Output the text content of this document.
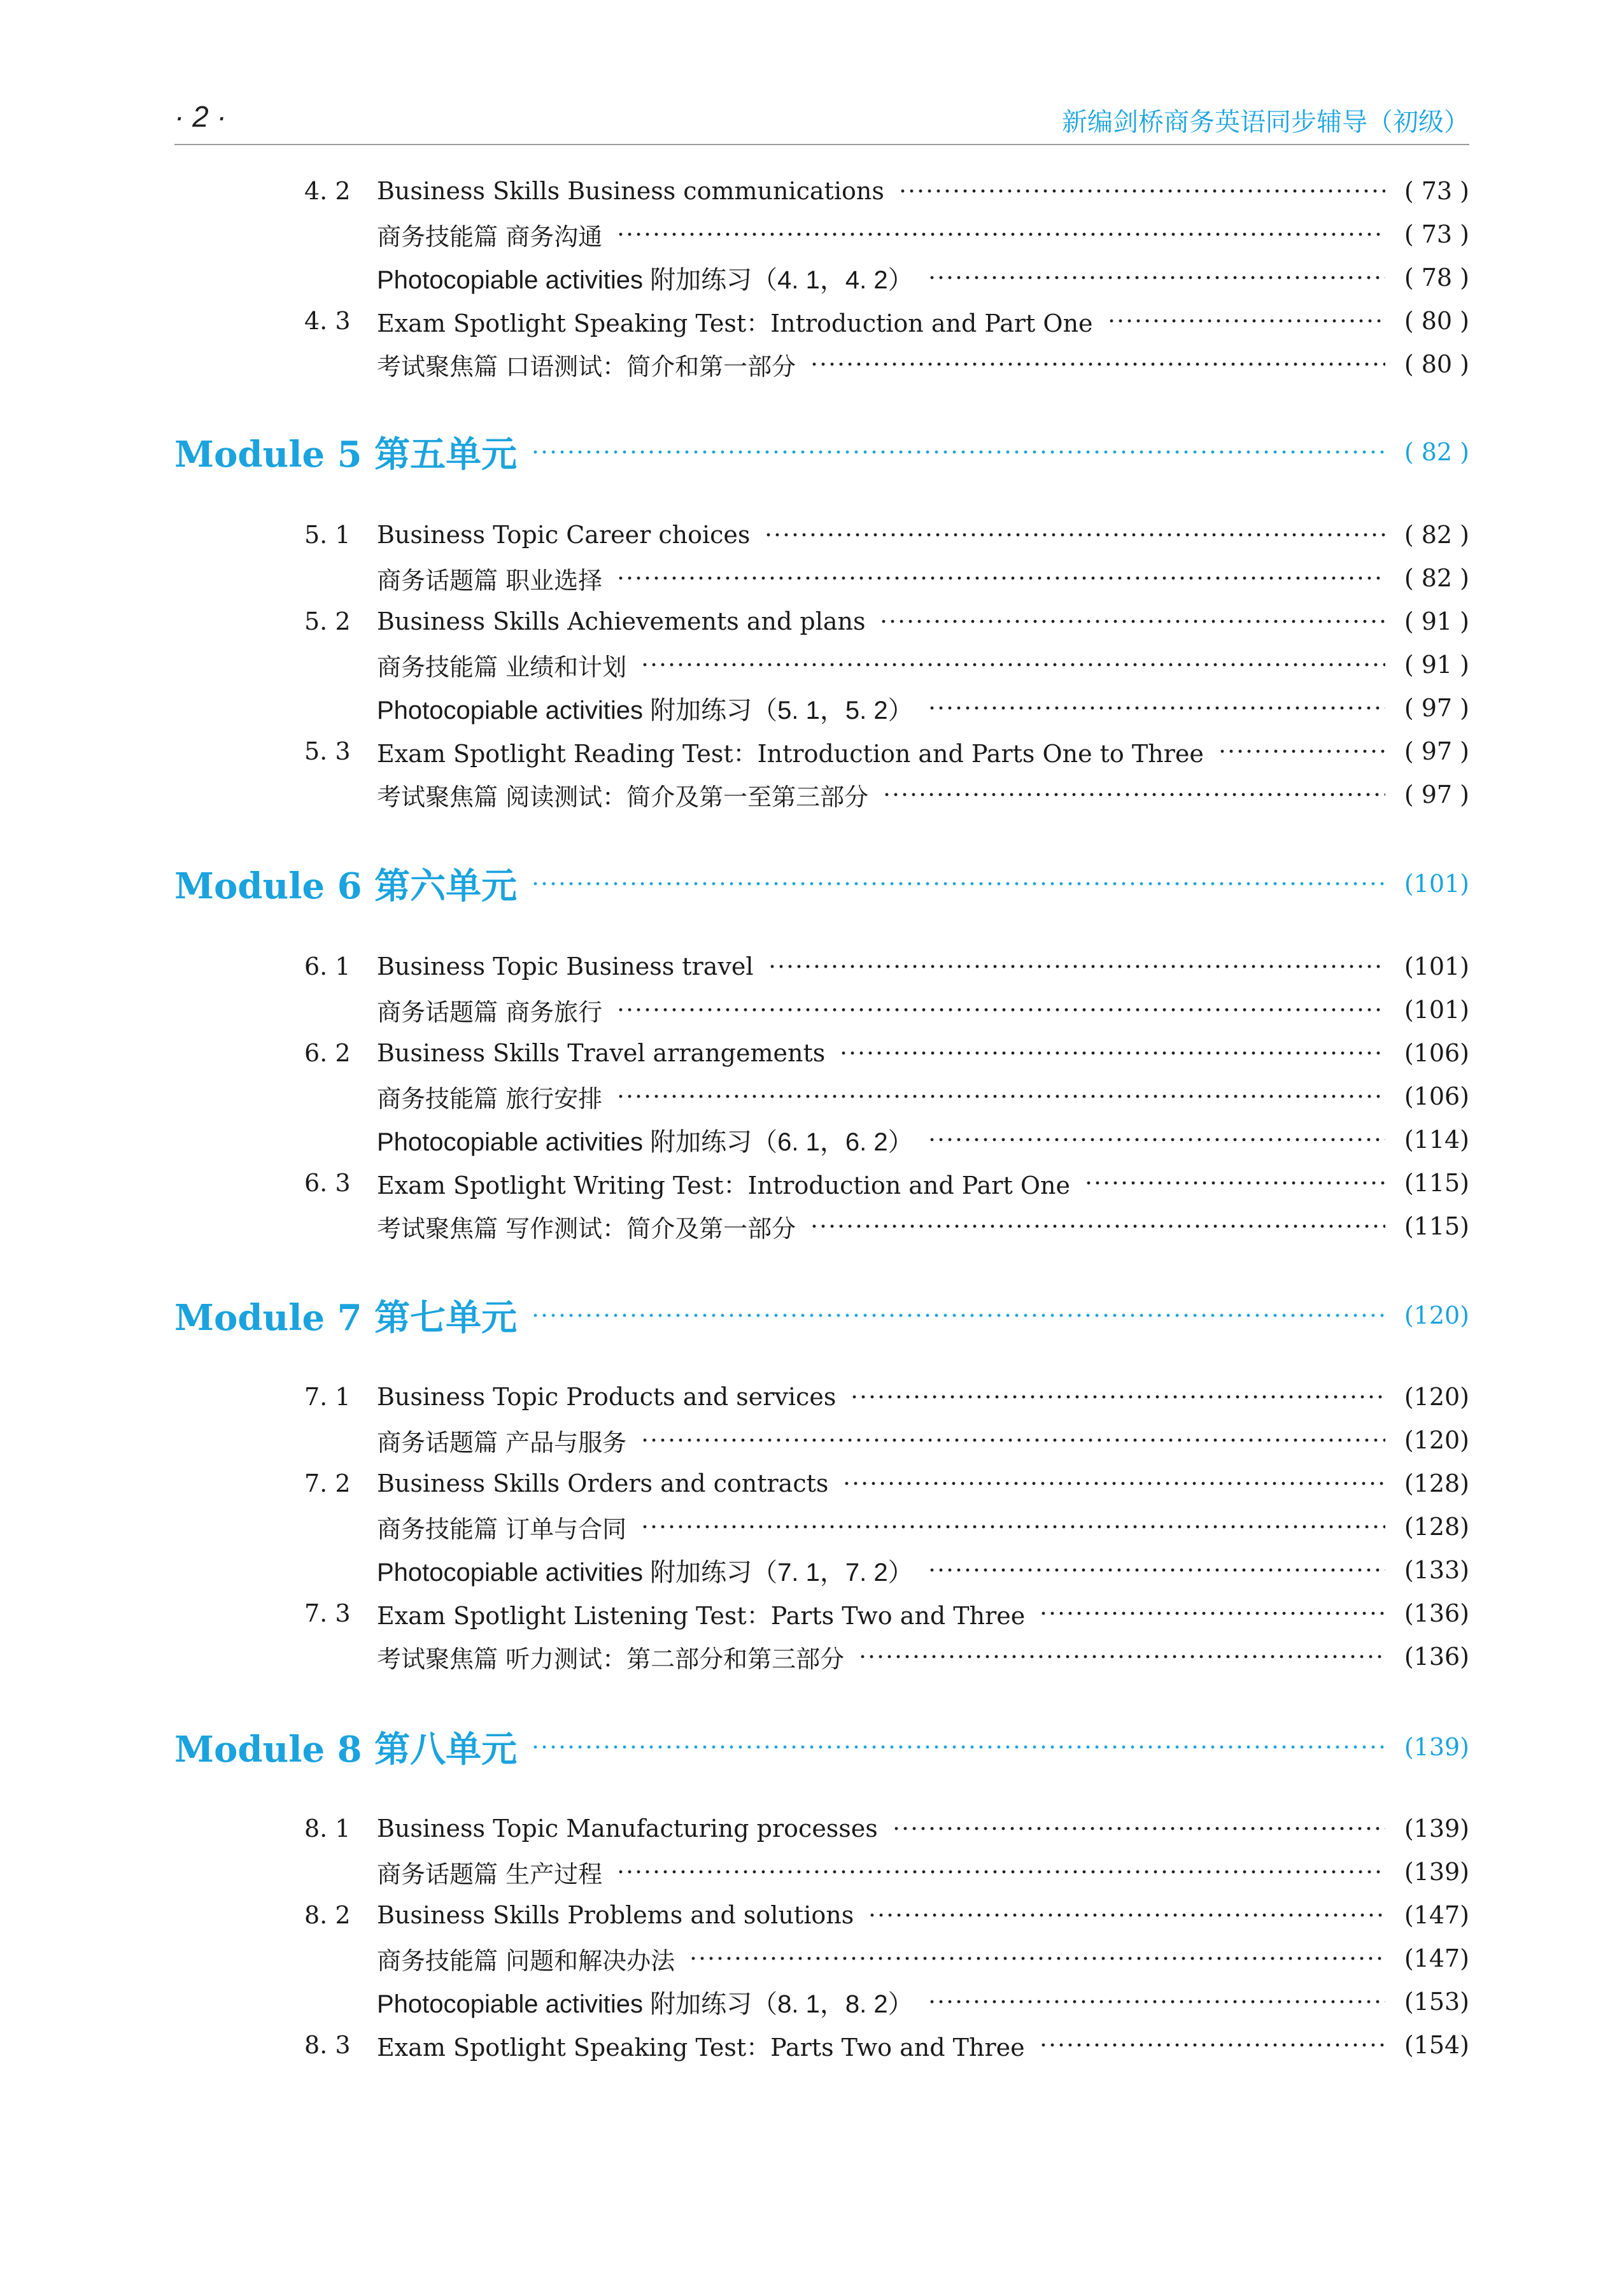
· 2 ·	新编剑桥商务英语同步辅导（初级）
4. 2	Business Skills Business communications	( 73 )
商务技能篇 商务沟通	( 73 )
Photocopiable activities 附加练习（4. 1，4. 2）	( 78 )
4. 3	Exam Spotlight Speaking Test：Introduction and Part One	( 80 )
考试聚焦篇 口语测试：简介和第一部分	( 80 )
Module 5 第五单元	( 82 )
5. 1	Business Topic Career choices	( 82 )
商务话题篇 职业选择	( 82 )
5. 2	Business Skills Achievements and plans	( 91 )
商务技能篇 业绩和计划	( 91 )
Photocopiable activities 附加练习（5. 1，5. 2）	( 97 )
5. 3	Exam Spotlight Reading Test：Introduction and Parts One to Three	( 97 )
考试聚焦篇 阅读测试：简介及第一至第三部分	( 97 )
Module 6 第六单元	(101)
6. 1	Business Topic Business travel	(101)
商务话题篇 商务旅行	(101)
6. 2	Business Skills Travel arrangements	(106)
商务技能篇 旅行安排	(106)
Photocopiable activities 附加练习（6. 1，6. 2）	(114)
6. 3	Exam Spotlight Writing Test：Introduction and Part One	(115)
考试聚焦篇 写作测试：简介及第一部分	(115)
Module 7 第七单元	(120)
7. 1	Business Topic Products and services	(120)
商务话题篇 产品与服务	(120)
7. 2	Business Skills Orders and contracts	(128)
商务技能篇 订单与合同	(128)
Photocopiable activities 附加练习（7. 1，7. 2）	(133)
7. 3	Exam Spotlight Listening Test：Parts Two and Three	(136)
考试聚焦篇 听力测试：第二部分和第三部分	(136)
Module 8 第八单元	(139)
8. 1	Business Topic Manufacturing processes	(139)
商务话题篇 生产过程	(139)
8. 2	Business Skills Problems and solutions	(147)
商务技能篇 问题和解决办法	(147)
Photocopiable activities 附加练习（8. 1，8. 2）	(153)
8. 3	Exam Spotlight Speaking Test：Parts Two and Three	(154)
